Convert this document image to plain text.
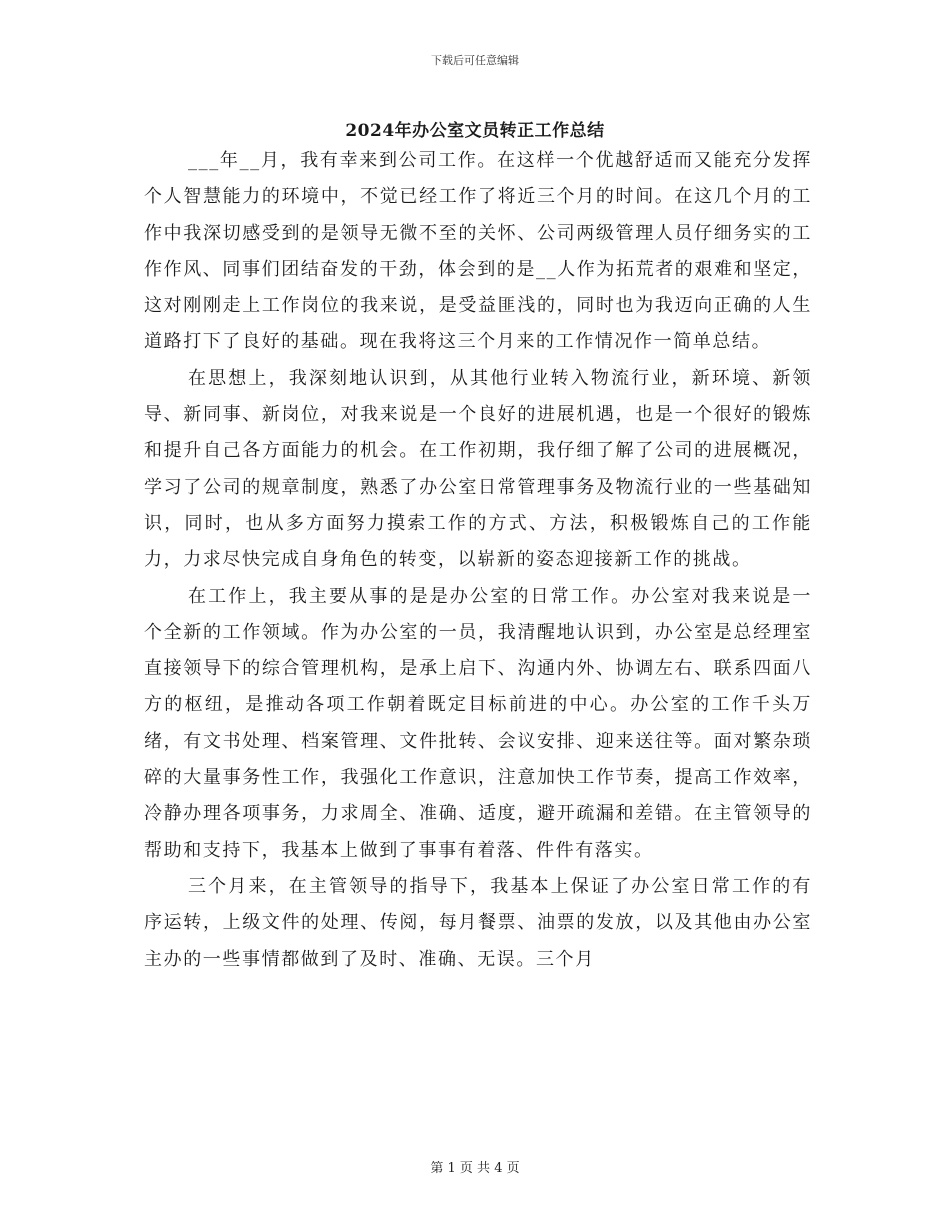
下载后可任意编辑
2024年办公室文员转正工作总结

___年__月，我有幸来到公司工作。在这样一个优越舒适而又能充分发挥个人智慧能力的环境中，不觉已经工作了将近三个月的时间。在这几个月的工作中我深切感受到的是领导无微不至的关怀、公司两级管理人员仔细务实的工作作风、同事们团结奋发的干劲，体会到的是__人作为拓荒者的艰难和坚定，这对刚刚走上工作岗位的我来说，是受益匪浅的，同时也为我迈向正确的人生道路打下了良好的基础。现在我将这三个月来的工作情况作一简单总结。

在思想上，我深刻地认识到，从其他行业转入物流行业，新环境、新领导、新同事、新岗位，对我来说是一个良好的进展机遇，也是一个很好的锻炼和提升自己各方面能力的机会。在工作初期，我仔细了解了公司的进展概况，学习了公司的规章制度，熟悉了办公室日常管理事务及物流行业的一些基础知识，同时，也从多方面努力摸索工作的方式、方法，积极锻炼自己的工作能力，力求尽快完成自身角色的转变，以崭新的姿态迎接新工作的挑战。

在工作上，我主要从事的是是办公室的日常工作。办公室对我来说是一个全新的工作领域。作为办公室的一员，我清醒地认识到，办公室是总经理室直接领导下的综合管理机构，是承上启下、沟通内外、协调左右、联系四面八方的枢纽，是推动各项工作朝着既定目标前进的中心。办公室的工作千头万绪，有文书处理、档案管理、文件批转、会议安排、迎来送往等。面对繁杂琐碎的大量事务性工作，我强化工作意识，注意加快工作节奏，提高工作效率，冷静办理各项事务，力求周全、准确、适度，避开疏漏和差错。在主管领导的帮助和支持下，我基本上做到了事事有着落、件件有落实。

三个月来，在主管领导的指导下，我基本上保证了办公室日常工作的有序运转，上级文件的处理、传阅，每月餐票、油票的发放，以及其他由办公室主办的一些事情都做到了及时、准确、无误。三个月

第 1 页 共 4 页
